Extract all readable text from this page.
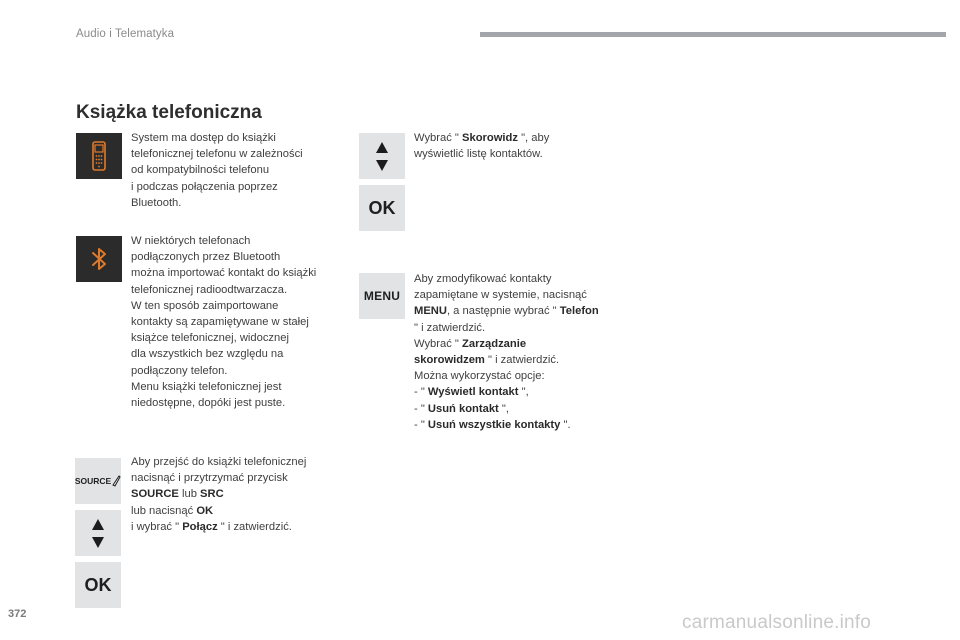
Audio i Telematyka
Książka telefoniczna
SOURCE
OK
OK
MENU
System ma dostęp do książki
telefonicznej telefonu w zależności
od kompatybilności telefonu
i podczas połączenia poprzez
Bluetooth.
W niektórych telefonach
podłączonych przez Bluetooth
można importować kontakt do książki
telefonicznej radioodtwarzacza.
W ten sposób zaimportowane
kontakty są zapamiętywane w stałej
książce telefonicznej, widocznej
dla wszystkich bez względu na
podłączony telefon.
Menu książki telefonicznej jest
niedostępne, dopóki jest puste.
Aby przejść do książki telefonicznej
nacisnąć i przytrzymać przycisk
SOURCE lub SRC
lub nacisnąć OK
i wybrać " Połącz " i zatwierdzić.
Wybrać " Skorowidz ", aby
wyświetlić listę kontaktów.
Aby zmodyfikować kontakty
zapamiętane w systemie, nacisnąć
MENU, a następnie wybrać " Telefon
" i zatwierdzić.
Wybrać " Zarządzanie
skorowidzem " i zatwierdzić.
Można wykorzystać opcje:
- " Wyświetl kontakt ",
- " Usuń kontakt ",
- " Usuń wszystkie kontakty ".
372	carmanualsonline.info
